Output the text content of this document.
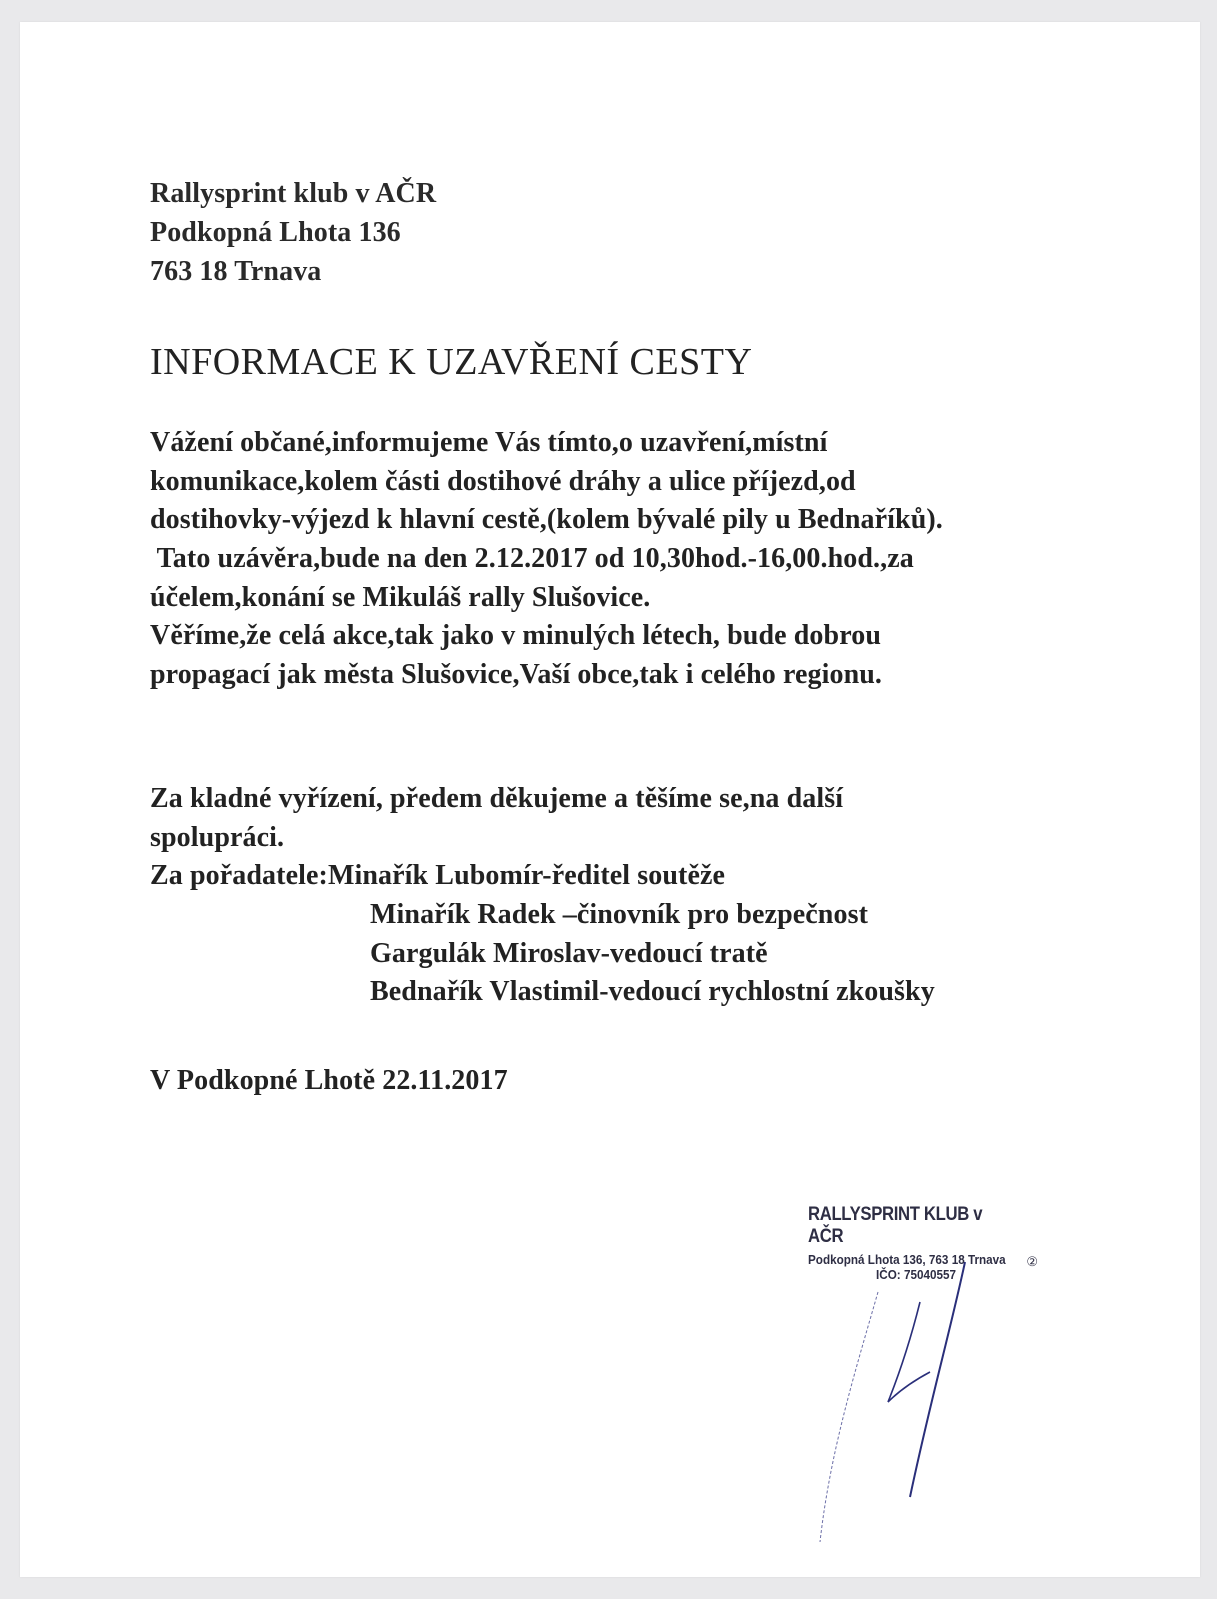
Rallysprint klub v AČR
Podkopná Lhota 136
763 18 Trnava
INFORMACE K UZAVŘENÍ CESTY
Vážení občané,informujeme Vás tímto,o uzavření,místní
komunikace,kolem části dostihové dráhy a ulice příjezd,od
dostihovky-výjezd k hlavní cestě,(kolem bývalé pily u Bednaříků).
Tato uzávěra,bude na den 2.12.2017 od 10,30hod.-16,00.hod.,za
účelem,konání se Mikuláš rally Slušovice.
Věříme,že celá akce,tak jako v minulých létech, bude dobrou
propagací jak města Slušovice,Vaší obce,tak i celého regionu.
Za kladné vyřízení, předem děkujeme a těšíme se,na další
spolupráci.
Za pořadatele:Minařík Lubomír-ředitel soutěže
Minařík Radek –činovník pro bezpečnost
Gargulák Miroslav-vedoucí tratě
Bednařík Vlastimil-vedoucí rychlostní zkoušky
V Podkopné Lhotě 22.11.2017
RALLYSPRINT KLUB v AČR
Podkopná Lhota 136, 763 18 Trnava
IČO: 75040557
②
